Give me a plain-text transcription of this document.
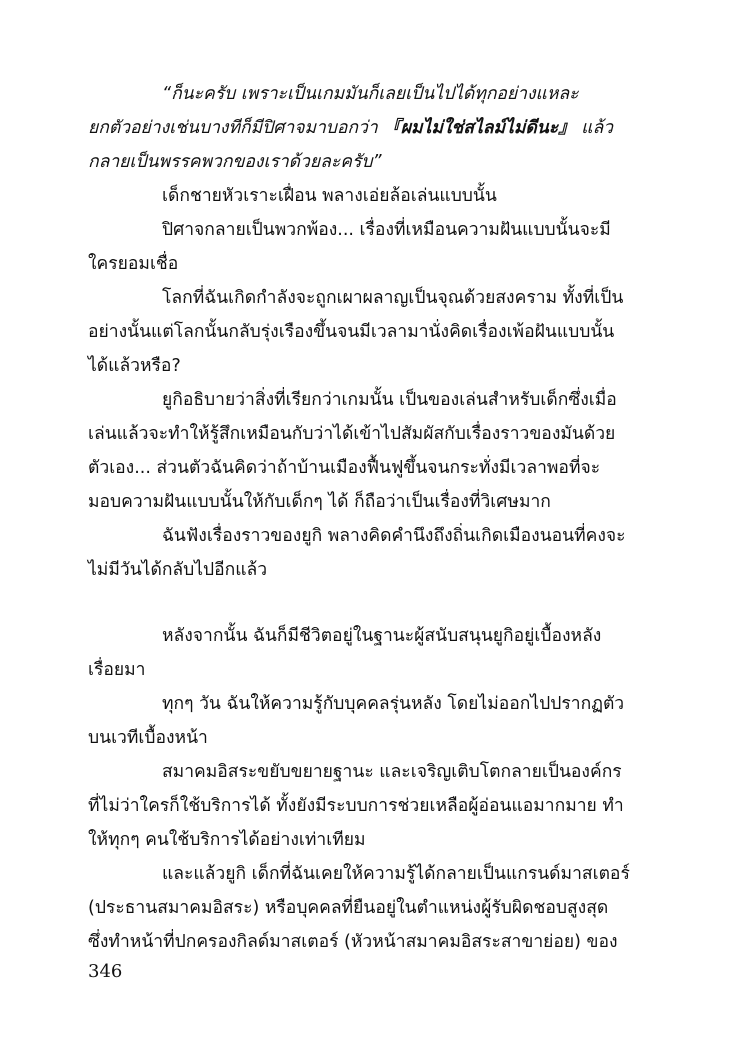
“ก็นะครับ เพราะเป็นเกมมันก็เลยเป็นไปได้ทุกอย่างแหละ
ยกตัวอย่างเช่นบางทีก็มีปิศาจมาบอกว่า 『ผมไม่ใช่สไลม์ไม่ดีนะ』 แล้ว
กลายเป็นพรรคพวกของเราด้วยละครับ”
เด็กชายหัวเราะเฝื่อน พลางเอ่ยล้อเล่นแบบนั้น
ปิศาจกลายเป็นพวกพ้อง... เรื่องที่เหมือนความฝันแบบนั้นจะมี
ใครยอมเชื่อ
โลกที่ฉันเกิดกำลังจะถูกเผาผลาญเป็นจุณด้วยสงคราม ทั้งที่เป็น
อย่างนั้นแต่โลกนั้นกลับรุ่งเรืองขึ้นจนมีเวลามานั่งคิดเรื่องเพ้อฝันแบบนั้น
ได้แล้วหรือ?
ยูกิอธิบายว่าสิ่งที่เรียกว่าเกมนั้น เป็นของเล่นสำหรับเด็กซึ่งเมื่อ
เล่นแล้วจะทำให้รู้สึกเหมือนกับว่าได้เข้าไปสัมผัสกับเรื่องราวของมันด้วย
ตัวเอง... ส่วนตัวฉันคิดว่าถ้าบ้านเมืองฟื้นฟูขึ้นจนกระทั่งมีเวลาพอที่จะ
มอบความฝันแบบนั้นให้กับเด็กๆ ได้ ก็ถือว่าเป็นเรื่องที่วิเศษมาก
ฉันฟังเรื่องราวของยูกิ พลางคิดคำนึงถึงถิ่นเกิดเมืองนอนที่คงจะ
ไม่มีวันได้กลับไปอีกแล้ว
หลังจากนั้น ฉันก็มีชีวิตอยู่ในฐานะผู้สนับสนุนยูกิอยู่เบื้องหลัง
เรื่อยมา
ทุกๆ วัน ฉันให้ความรู้กับบุคคลรุ่นหลัง โดยไม่ออกไปปรากฏตัว
บนเวทีเบื้องหน้า
สมาคมอิสระขยับขยายฐานะ และเจริญเติบโตกลายเป็นองค์กร
ที่ไม่ว่าใครก็ใช้บริการได้ ทั้งยังมีระบบการช่วยเหลือผู้อ่อนแอมากมาย ทำ
ให้ทุกๆ คนใช้บริการได้อย่างเท่าเทียม
และแล้วยูกิ เด็กที่ฉันเคยให้ความรู้ได้กลายเป็นแกรนด์มาสเตอร์
(ประธานสมาคมอิสระ) หรือบุคคลที่ยืนอยู่ในตำแหน่งผู้รับผิดชอบสูงสุด
ซึ่งทำหน้าที่ปกครองกิลด์มาสเตอร์ (หัวหน้าสมาคมอิสระสาขาย่อย) ของ
346
